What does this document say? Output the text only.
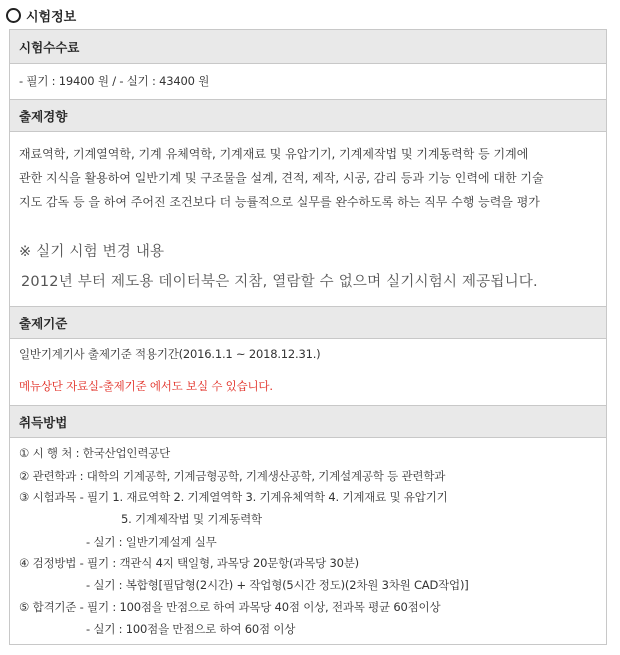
시험정보
시험수수료
- 필기 : 19400 원 / - 실기 : 43400 원
출제경향
재료역학, 기계열역학, 기계 유체역학, 기계재료 및 유압기기, 기계제작법 및 기계동력학 등 기계에
관한 지식을 활용하여 일반기계 및 구조물을 설계, 견적, 제작, 시공, 감리 등과 기능 인력에 대한 기술
지도 감독 등 을 하여 주어진 조건보다 더 능률적으로 실무를 완수하도록 하는 직무 수행 능력을 평가
※ 실기 시험 변경 내용
2012년 부터 제도용 데이터북은 지참, 열람할 수 없으며 실기시험시 제공됩니다.
출제기준
일반기계기사 출제기준 적용기간(2016.1.1 ~ 2018.12.31.)
메뉴상단 자료실-출제기준 에서도 보실 수 있습니다.
취득방법
① 시 행 처 : 한국산업인력공단
② 관련학과 : 대학의 기계공학, 기계금형공학, 기계생산공학, 기계설계공학 등 관련학과
③ 시험과목 - 필기 1. 재료역학 2. 기계열역학 3. 기계유체역학 4. 기계재료 및 유압기기
5. 기계제작법 및 기계동력학
- 실기 : 일반기계설계 실무
④ 검정방법 - 필기 : 객관식 4지 택일형, 과목당 20문항(과목당 30분)
- 실기 : 복합형[필답형(2시간) + 작업형(5시간 정도)(2차원 3차원 CAD작업)]
⑤ 합격기준 - 필기 : 100점을 만점으로 하여 과목당 40점 이상, 전과목 평균 60점이상
- 실기 : 100점을 만점으로 하여 60점 이상
